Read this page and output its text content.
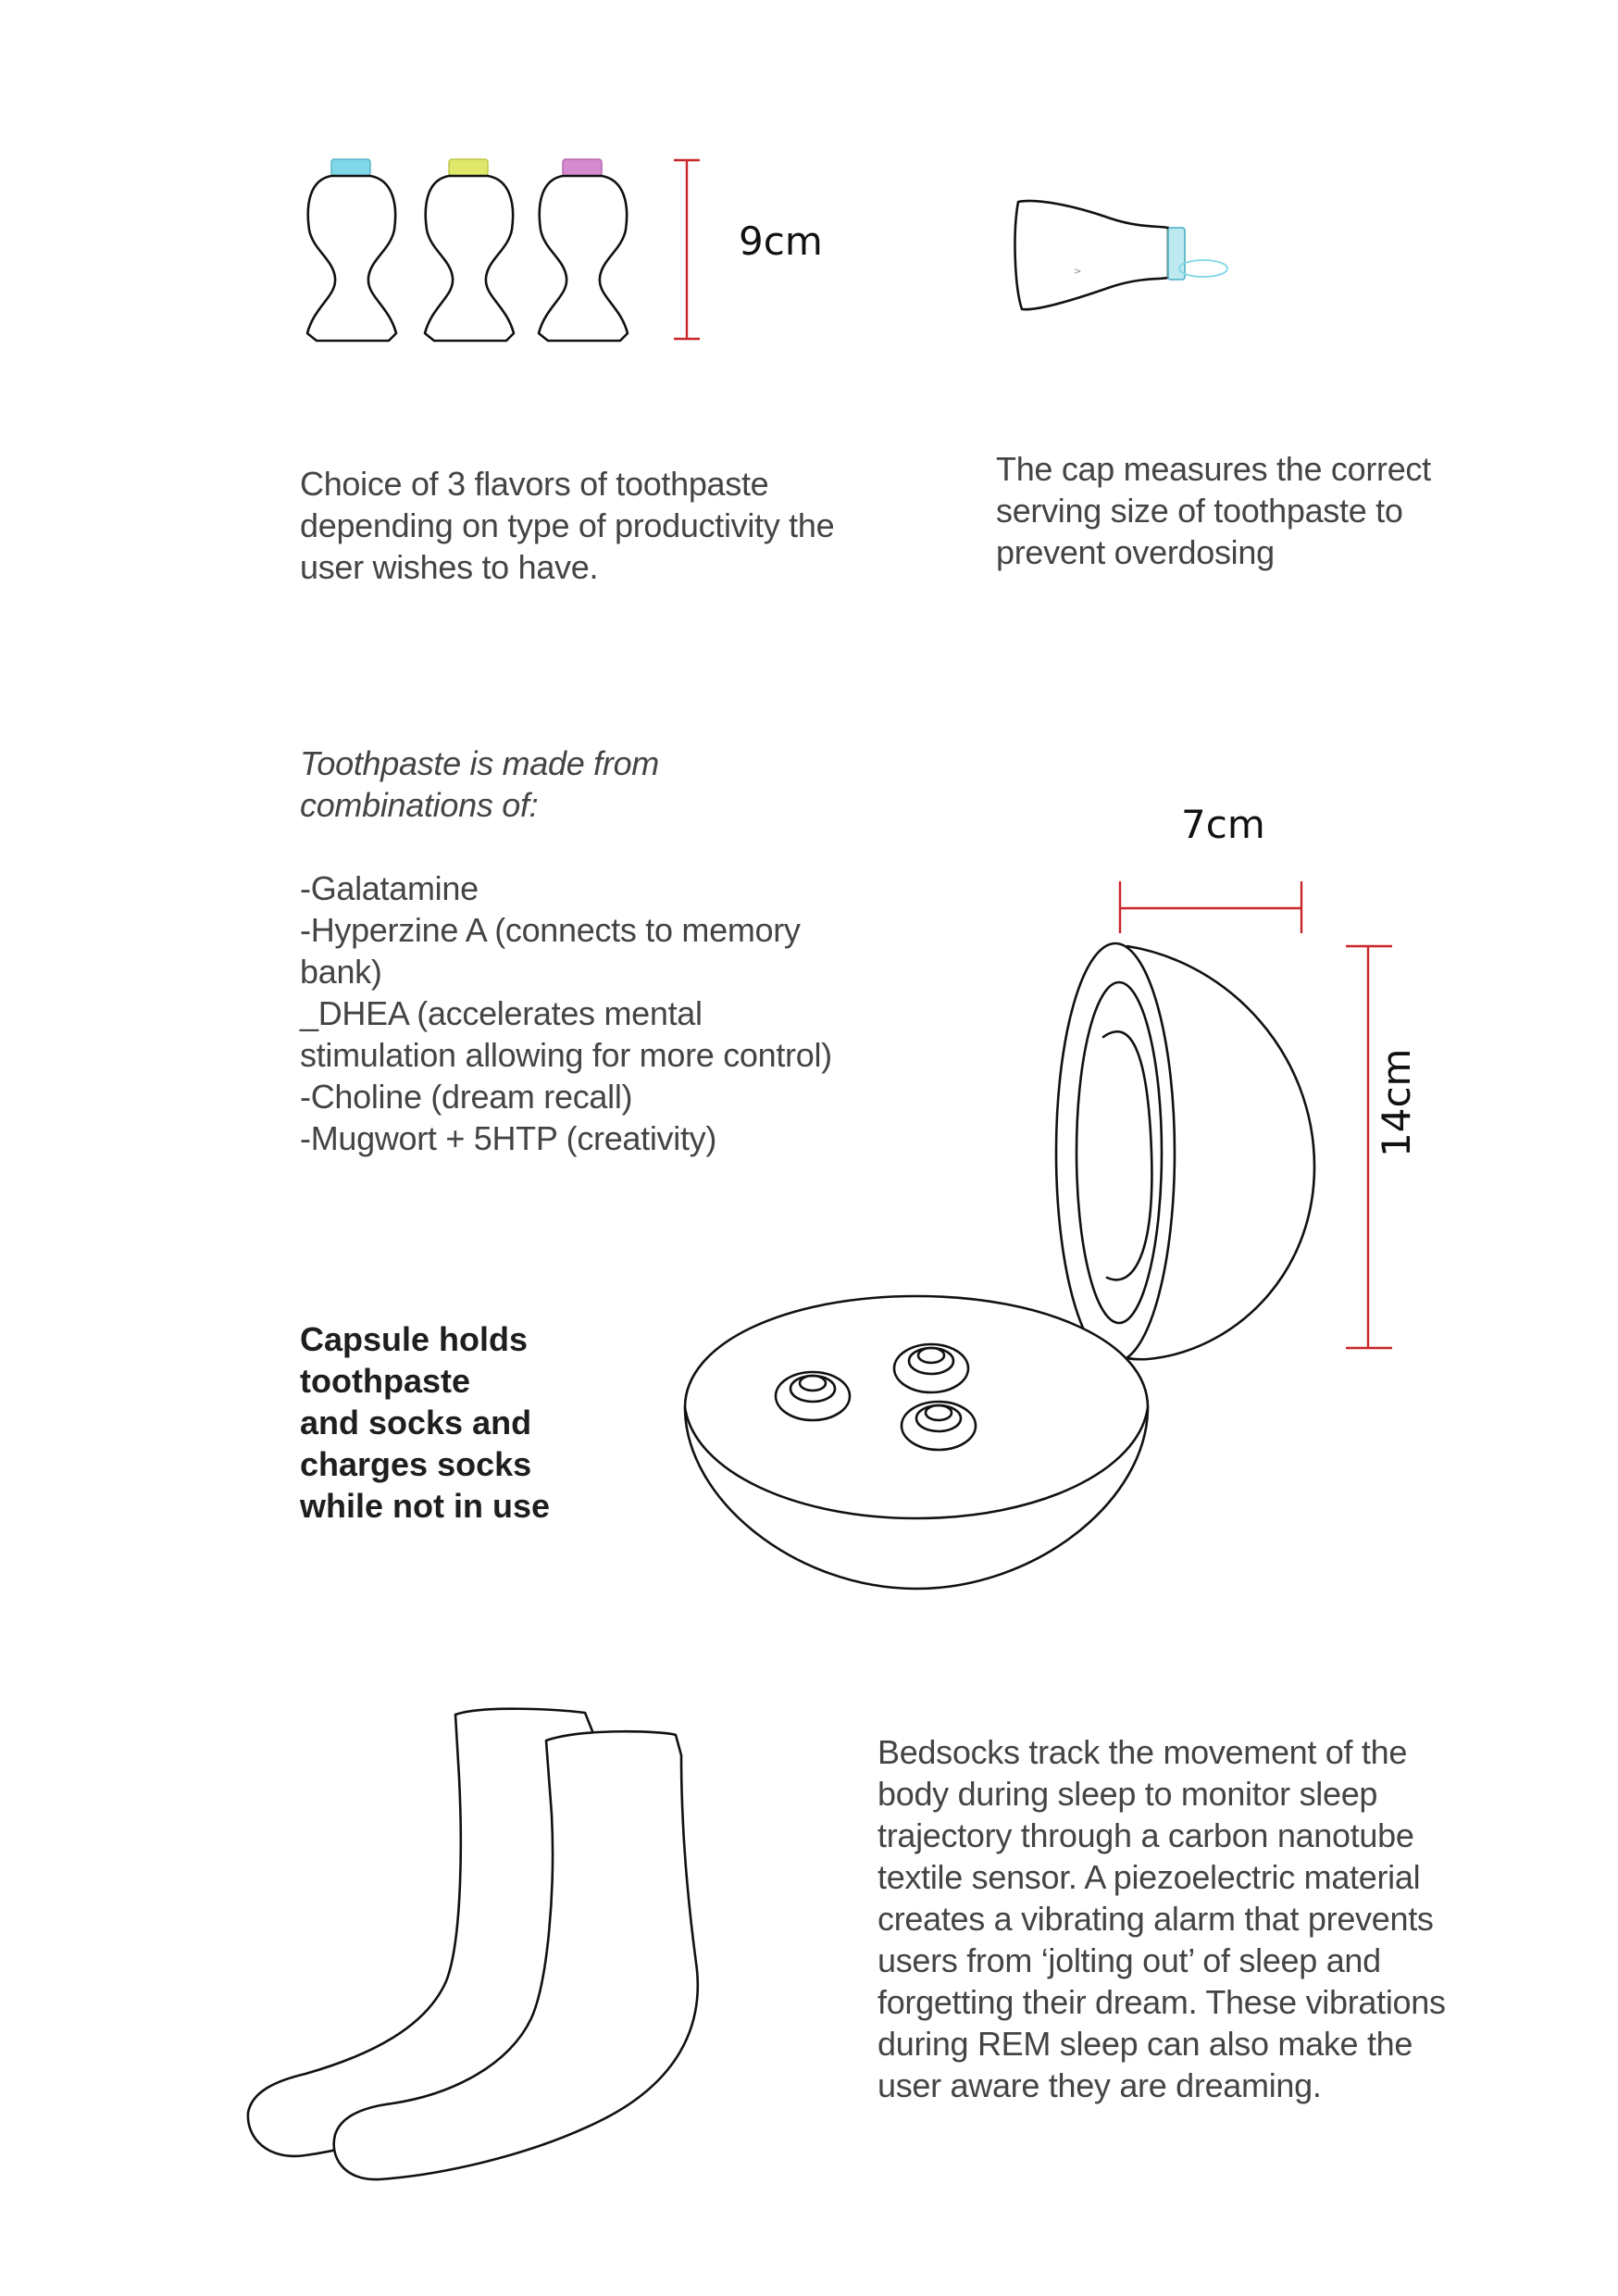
>
9cm
Choice of 3 flavors of toothpaste
depending on type of productivity the
user wishes to have.
The cap measures the correct
serving size of toothpaste to
prevent overdosing
Toothpaste is made from
combinations of:
-Galatamine
-Hyperzine A (connects to memory
bank)
_DHEA (accelerates mental
stimulation allowing for more control)
-Choline (dream recall)
-Mugwort + 5HTP (creativity)
7cm
14cm
Capsule holds
toothpaste
and socks and
charges socks
while not in use
Bedsocks track the movement of the
body during sleep to monitor sleep
trajectory through a carbon nanotube
textile sensor. A piezoelectric material
creates a vibrating alarm that prevents
users from ‘jolting out’ of sleep and
forgetting their dream. These vibrations
during REM sleep can also make the
user aware they are dreaming.
